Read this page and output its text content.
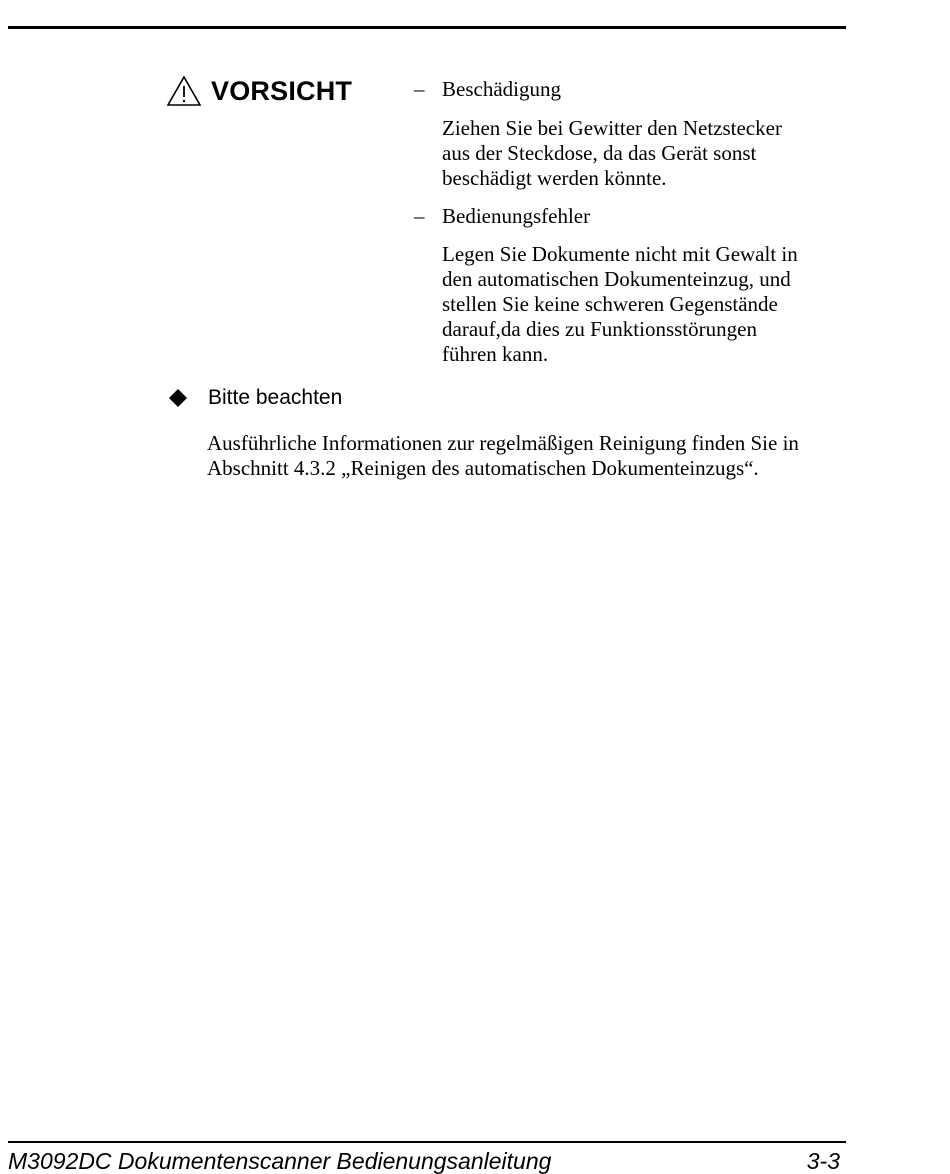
VORSICHT	– Beschädigung
Ziehen Sie bei Gewitter den Netzstecker
aus der Steckdose, da das Gerät sonst
beschädigt werden könnte.
– Bedienungsfehler
Legen Sie Dokumente nicht mit Gewalt in
den automatischen Dokumenteinzug, und
stellen Sie keine schweren Gegenstände
darauf,da dies zu Funktionsstörungen
führen kann.
Bitte beachten
Ausführliche Informationen zur regelmäßigen Reinigung finden Sie in
Abschnitt 4.3.2 „Reinigen des automatischen Dokumenteinzugs“.
M3092DC Dokumentenscanner Bedienungsanleitung	3-3
